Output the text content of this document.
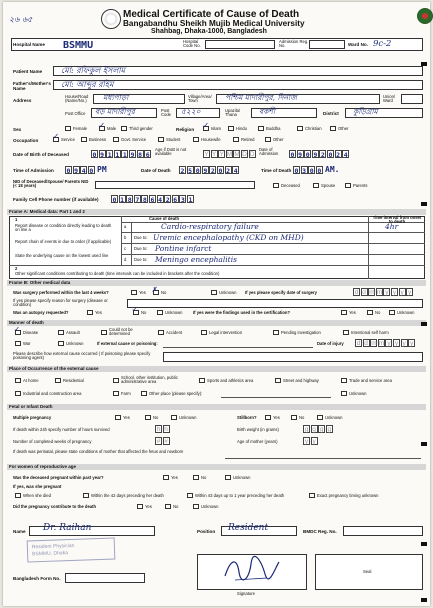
২৬ ৬৫	Medical Certificate of Cause of Death
Bangabandhu Sheikh Mujib Medical University
Shahbag, Dhaka-1000, Bangladesh
Hospital Name BSMMU	Hospital Code No.
Admission Reg. No.	Ward No. 9c-2
Patient Name মো: রফিকুল ইসলাম
Father's/Mother's Name	মো: আব্দুর রহিম
Address
House/Road (Name/No.)	মধ্যপাড়া	Village/Area/ Town	পশ্চিম মাদারীপুর, দিনাজ	Union/ Ward
Post Office বড় মাদারীপুর	Post Code	৫২২০	Upazila/ Thana	বকশী	District কুড়িগ্রাম
Sex	Female ✓ Male	Third gender	Religion ✓ Islam	Hindu	Buddha	Christian	Other
Occupation ✓ Service	Business	Govt. Service	Student	Housewife	Retired	Other
Date of Birth of Deceased	0 9 1 1 1 9 8 6
Age if DoB is not available	Y Y Y M M D D
Date of Admission	0 9 0 9 2 0 2 4
Time of Admission 0 9 4 0 PM	Date of Death 2 5 0 9 2 0 2 4	Time of Death 0 3 0 0 AM.
NID of Deceased/Spouse/ Parents NID (< 18 years)	Deceased	Spouse	Parents
Family Cell Phone number (if available) 0 1 8 7 8 6 4 2 6 3 1
Frame A: Medical data: Part 1 and 2
Cause of death	Time interval from onset to death
1
Report disease or condition directly leading to death on line a
Report chain of events in due to order (if applicable)
State the underlying cause on the lowest used line
a	Cardio-respiratory failure	4hr
b Due to: Uremic encephalopathy (CKD on MHD)
c Due to: Pontine infarct
d Due to: Meningo encephalitis
2
Other significant conditions contributing to death (time intervals can be included in brackets after the condition)
Frame B: Other medical data
Was surgery performed within the last 4 weeks?	Yes ✗ No	Unknown If yes please specify date of surgery	d d m m y y y y
If yes please specify reason for surgery (disease or condition)
Was an autopsy requested?	Yes	✓ No	Unknown	If yes were the findings used in the certification?	Yes	No	Unknown
Manner of death
✓ Disease	Assault
Could not be determined	Accident	Legal intervention	Pending investigation	Intentional self harm
War	Unknown	If external cause or poisoning:	Date of injury d d m m y y y y
Please describe how external cause occurred ( If poisoning please specify poisoning agent)
Place of Occurrence of the external cause
At home	Residential
School, other institution, public administrative area	Sports and athletics area	Street and highway	Trade and service area
Industrial and construction area	Farm	Other place (please specify):	Unknown
Fetal or Infant Death
Multiple pregnancy	Yes	No	Unknown	Stillborn?	Yes	No	Unknown
If death within 24h specify number of hours survived	h h	Birth weight (in grams)	g g g g
Number of completed weeks of pregnancy	# #	Age of mother (years)	y y
If death was perinatal, please state conditions of mother that affected the fetus and newborn
For women of reproductive age
Was the deceased pregnant within past year?	Yes	No	Unknown
If yes, was she pregnant
When she died	Within the 42 days preceding her death	Within 43 days up to 1 year preceding her death	Exact pregnancy timing unknown
Did the pregnancy contribute to the death	Yes	No	Unknown
Name Dr. Raihan	Position Resident	BMDC Reg. No.
Resident Physician
BSMMU, Dhaka
Bangladesh Form No.
Signature
Seal
